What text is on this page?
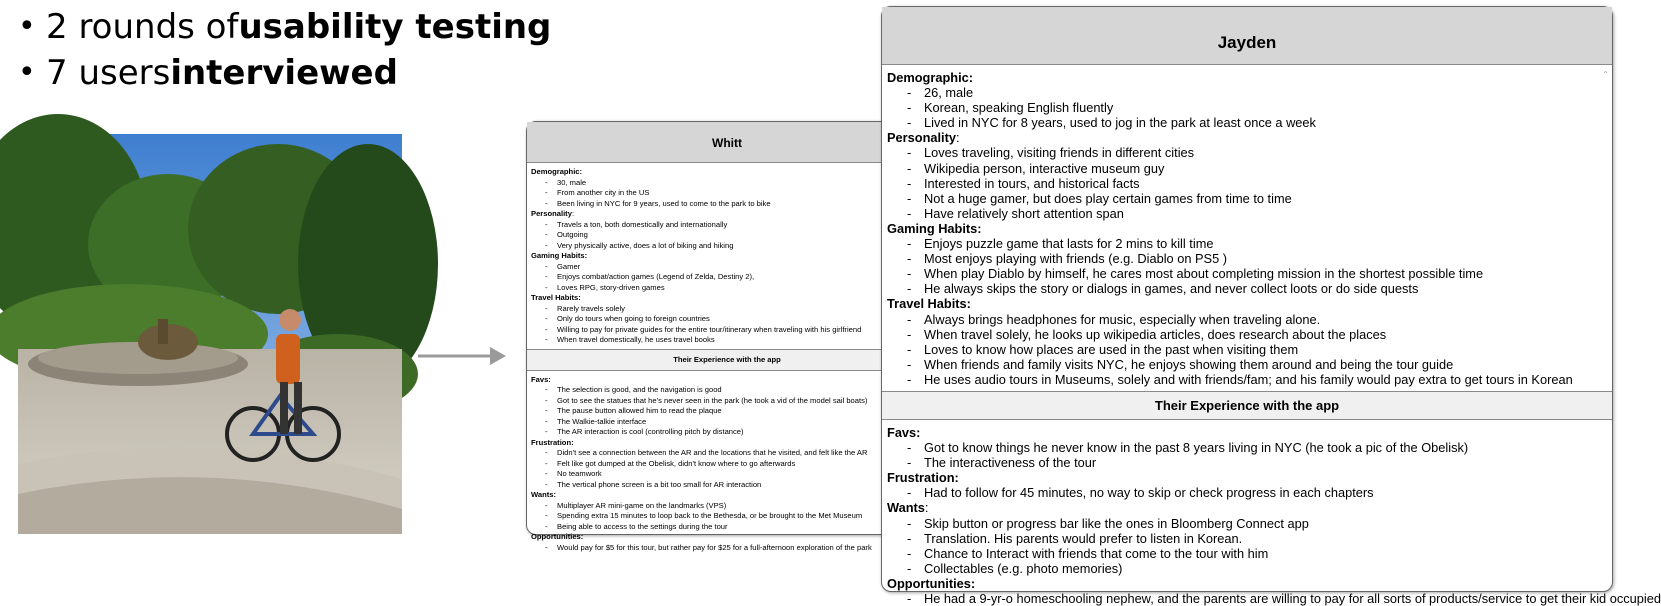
• 2 rounds of usability testing
• 7 users interviewed
Whitt
Demographic:
- 30, male
- From another city in the US
- Been living in NYC for 9 years, used to come to the park to bike
Personality:
- Travels a ton, both domestically and internationally
- Outgoing
- Very physically active, does a lot of biking and hiking
Gaming Habits:
- Gamer
- Enjoys combat/action games (Legend of Zelda, Destiny 2),
- Loves RPG, story-driven games
Travel Habits:
- Rarely travels solely
- Only do tours when going to foreign countries
- Willing to pay for private guides for the entire tour/itinerary when traveling with his girlfriend
- When travel domestically, he uses travel books
Their Experience with the app
Favs:
- The selection is good, and the navigation is good
- Got to see the statues that he's never seen in the park (he took a vid of the model sail boats)
- The pause button allowed him to read the plaque
- The Walkie-talkie interface
- The AR interaction is cool (controlling pitch by distance)
Frustration:
- Didn't see a connection between the AR and the locations that he visited, and felt like the AR
- Felt like got dumped at the Obelisk, didn't know where to go afterwards
- No teamwork
- The vertical phone screen is a bit too small for AR interaction
Wants:
- Multiplayer AR mini-game on the landmarks (VPS)
- Spending extra 15 minutes to loop back to the Bethesda, or be brought to the Met Museum
- Being able to access to the settings during the tour
Opportunities:
- Would pay for $5 for this tour, but rather pay for $25 for a full-afternoon exploration of the park
Jayden
⌃
Demographic:
- 26, male
- Korean, speaking English fluently
- Lived in NYC for 8 years, used to jog in the park at least once a week
Personality:
- Loves traveling, visiting friends in different cities
- Wikipedia person, interactive museum guy
- Interested in tours, and historical facts
- Not a huge gamer, but does play certain games from time to time
- Have relatively short attention span
Gaming Habits:
- Enjoys puzzle game that lasts for 2 mins to kill time
- Most enjoys playing with friends (e.g. Diablo on PS5 )
- When play Diablo by himself, he cares most about completing mission in the shortest possible time
- He always skips the story or dialogs in games, and never collect loots or do side quests
Travel Habits:
- Always brings headphones for music, especially when traveling alone.
- When travel solely, he looks up wikipedia articles, does research about the places
- Loves to know how places are used in the past when visiting them
- When friends and family visits NYC, he enjoys showing them around and being the tour guide
- He uses audio tours in Museums, solely and with friends/fam; and his family would pay extra to get tours in Korean
Their Experience with the app
Favs:
- Got to know things he never know in the past 8 years living in NYC (he took a pic of the Obelisk)
- The interactiveness of the tour
Frustration:
- Had to follow for 45 minutes, no way to skip or check progress in each chapters
Wants:
- Skip button or progress bar like the ones in Bloomberg Connect app
- Translation. His parents would prefer to listen in Korean.
- Chance to Interact with friends that come to the tour with him
- Collectables (e.g. photo memories)
Opportunities:
- He had a 9-yr-o homeschooling nephew, and the parents are willing to pay for all sorts of products/service to get their kid occupied
